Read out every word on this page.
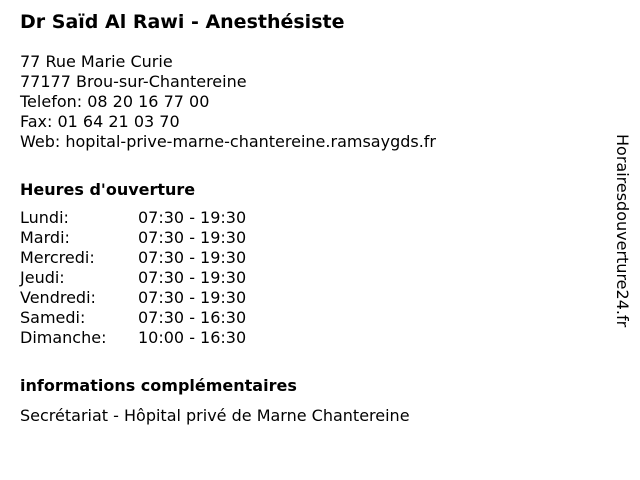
Dr Saïd Al Rawi - Anesthésiste
77 Rue Marie Curie
77177 Brou-sur-Chantereine
Telefon: 08 20 16 77 00
Fax: 01 64 21 03 70
Web: hopital-prive-marne-chantereine.ramsaygds.fr
Heures d'ouverture
Lundi:	07:30 - 19:30
Mardi:	07:30 - 19:30
Mercredi:	07:30 - 19:30
Jeudi:	07:30 - 19:30
Vendredi:	07:30 - 19:30
Samedi:	07:30 - 16:30
Dimanche:	10:00 - 16:30
informations complémentaires
Secrétariat - Hôpital privé de Marne Chantereine
Horairesdouverture24.fr
